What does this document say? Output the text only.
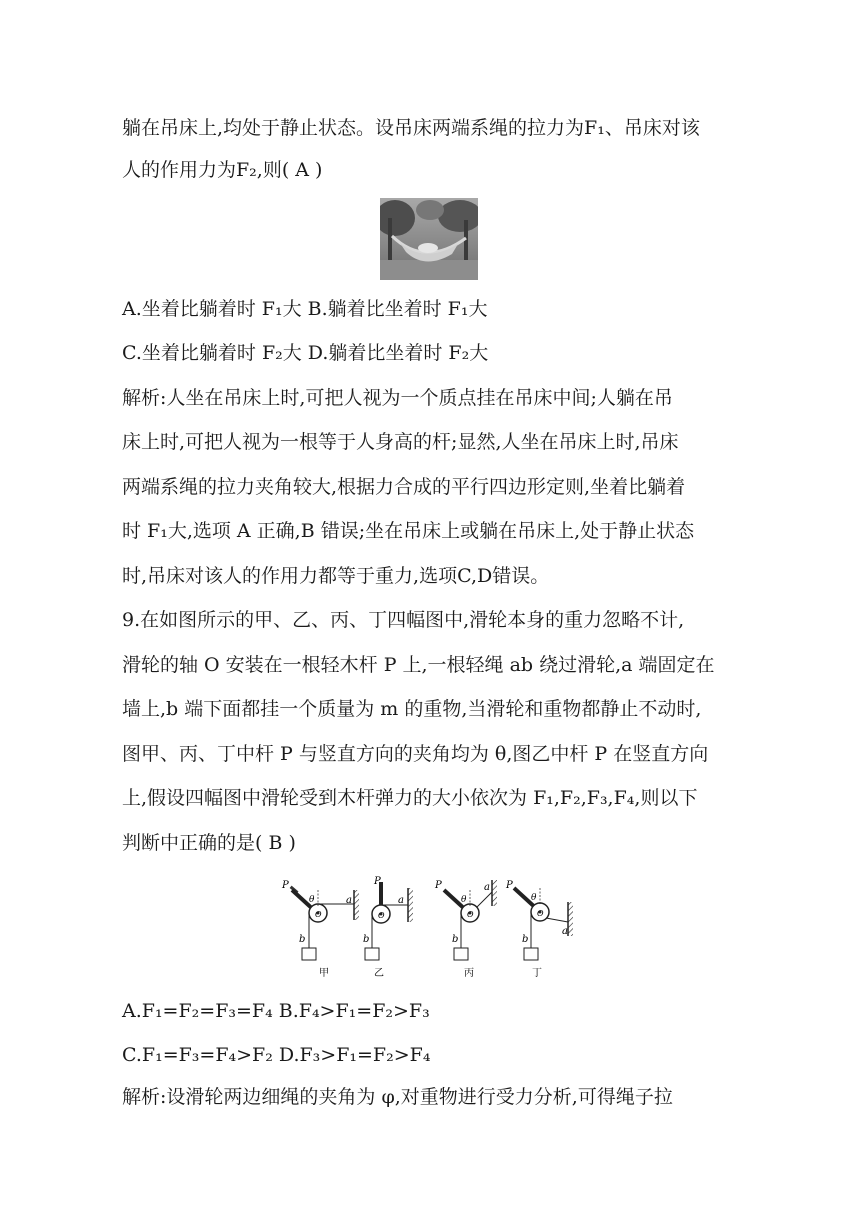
躺在吊床上,均处于静止状态。设吊床两端系绳的拉力为F₁、吊床对该
人的作用力为F₂,则( A )
A.坐着比躺着时 F₁大 B.躺着比坐着时 F₁大
C.坐着比躺着时 F₂大 D.躺着比坐着时 F₂大
解析:人坐在吊床上时,可把人视为一个质点挂在吊床中间;人躺在吊
床上时,可把人视为一根等于人身高的杆;显然,人坐在吊床上时,吊床
两端系绳的拉力夹角较大,根据力合成的平行四边形定则,坐着比躺着
时 F₁大,选项 A 正确,B 错误;坐在吊床上或躺在吊床上,处于静止状态
时,吊床对该人的作用力都等于重力,选项C,D错误。
9.在如图所示的甲、乙、丙、丁四幅图中,滑轮本身的重力忽略不计,
滑轮的轴 O 安装在一根轻木杆 P 上,一根轻绳 ab 绕过滑轮,a 端固定在
墙上,b 端下面都挂一个质量为 m 的重物,当滑轮和重物都静止不动时,
图甲、丙、丁中杆 P 与竖直方向的夹角均为 θ,图乙中杆 P 在竖直方向
上,假设四幅图中滑轮受到木杆弹力的大小依次为 F₁,F₂,F₃,F₄,则以下
判断中正确的是( B )
P
θ
O
a
b
甲
P
O
a
b
乙
P
θ
O
a
b
丙
P
θ
O
a
b
丁
A.F₁=F₂=F₃=F₄ B.F₄>F₁=F₂>F₃
C.F₁=F₃=F₄>F₂ D.F₃>F₁=F₂>F₄
解析:设滑轮两边细绳的夹角为 φ,对重物进行受力分析,可得绳子拉
